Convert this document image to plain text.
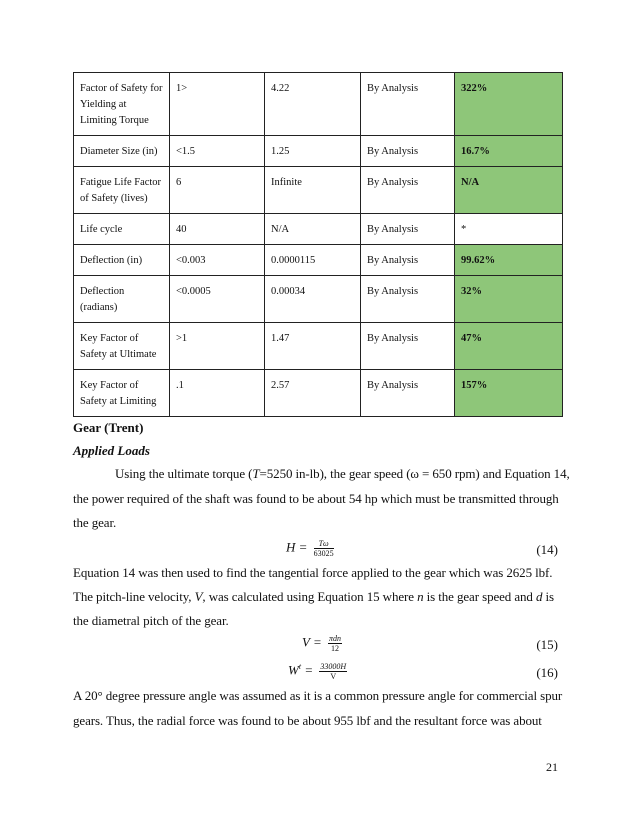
Factor of Safety for Yielding at Limiting Torque	1>	4.22	By Analysis	322%
Diameter Size (in)	<1.5	1.25	By Analysis	16.7%
Fatigue Life Factor of Safety (lives)	6	Infinite	By Analysis	N/A
Life cycle	40	N/A	By Analysis	*
Deflection (in)	<0.003	0.0000115	By Analysis	99.62%
Deflection (radians)	<0.0005	0.00034	By Analysis	32%
Key Factor of Safety at Ultimate	>1	1.47	By Analysis	47%
Key Factor of Safety at Limiting	.1	2.57	By Analysis	157%
Gear (Trent)
Applied Loads
Using the ultimate torque (T=5250 in-lb), the gear speed (ω = 650 rpm) and Equation 14,
the power required of the shaft was found to be about 54 hp which must be transmitted through
the gear.
$H = \frac{T\omega}{63025}$	(14)
Equation 14 was then used to find the tangential force applied to the gear which was 2625 lbf.
The pitch-line velocity, V, was calculated using Equation 15 where n is the gear speed and d is
the diametral pitch of the gear.
$V = \frac{\text{πdn}}{12}$	(15)
$W^t = \frac{33000H}{V}$	(16)
A 20° degree pressure angle was assumed as it is a common pressure angle for commercial spur
gears. Thus, the radial force was found to be about 955 lbf and the resultant force was about
21
